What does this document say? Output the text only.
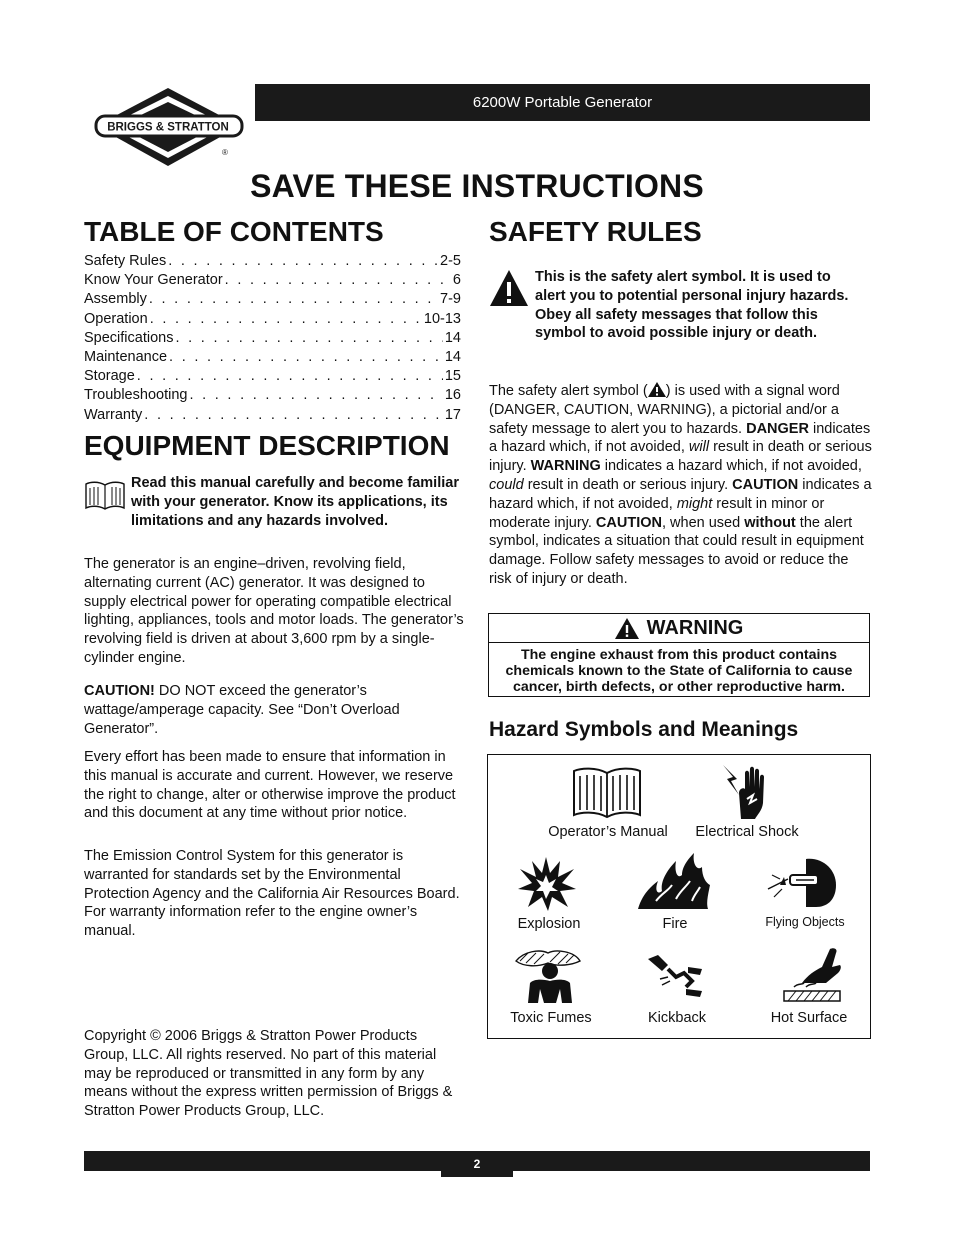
BRIGGS & STRATTON
®
6200W Portable Generator
SAVE THESE INSTRUCTIONS
TABLE OF CONTENTS
Safety Rules . . .	2-5
Know Your Generator . . .	6
Assembly . . .	7-9
Operation . . .	10-13
Specifications . . .	14
Maintenance . . .	14
Storage . . .	15
Troubleshooting . . .	16
Warranty . . .	17
EQUIPMENT DESCRIPTION
Read this manual carefully and become familiar with your generator. Know its applications, its limitations and any hazards involved.

The generator is an engine–driven, revolving field, alternating current (AC) generator. It was designed to supply electrical power for operating compatible electrical lighting, appliances, tools and motor loads. The generator’s revolving field is driven at about 3,600 rpm by a single-cylinder engine.

CAUTION! DO NOT exceed the generator’s wattage/amperage capacity. See “Don’t Overload Generator”.

Every effort has been made to ensure that information in this manual is accurate and current. However, we reserve the right to change, alter or otherwise improve the product and this document at any time without prior notice.

The Emission Control System for this generator is warranted for standards set by the Environmental Protection Agency and the California Air Resources Board. For warranty information refer to the engine owner’s manual.

Copyright © 2006 Briggs & Stratton Power Products Group, LLC. All rights reserved. No part of this material may be reproduced or transmitted in any form by any means without the express written permission of Briggs & Stratton Power Products Group, LLC.

SAFETY RULES
This is the safety alert symbol. It is used to alert you to potential personal injury hazards. Obey all safety messages that follow this symbol to avoid possible injury or death.

The safety alert symbol ( ) is used with a signal word (DANGER, CAUTION, WARNING), a pictorial and/or a safety message to alert you to hazards. DANGER indicates a hazard which, if not avoided, will result in death or serious injury. WARNING indicates a hazard which, if not avoided, could result in death or serious injury. CAUTION indicates a hazard which, if not avoided, might result in minor or moderate injury. CAUTION, when used without the alert symbol, indicates a situation that could result in equipment damage. Follow safety messages to avoid or reduce the risk of injury or death.

WARNING
The engine exhaust from this product contains chemicals known to the State of California to cause cancer, birth defects, or other reproductive harm.
Hazard Symbols and Meanings
Operator’s Manual Electrical Shock
Explosion	Fire	Flying Objects
Toxic Fumes	Kickback	Hot Surface
2
